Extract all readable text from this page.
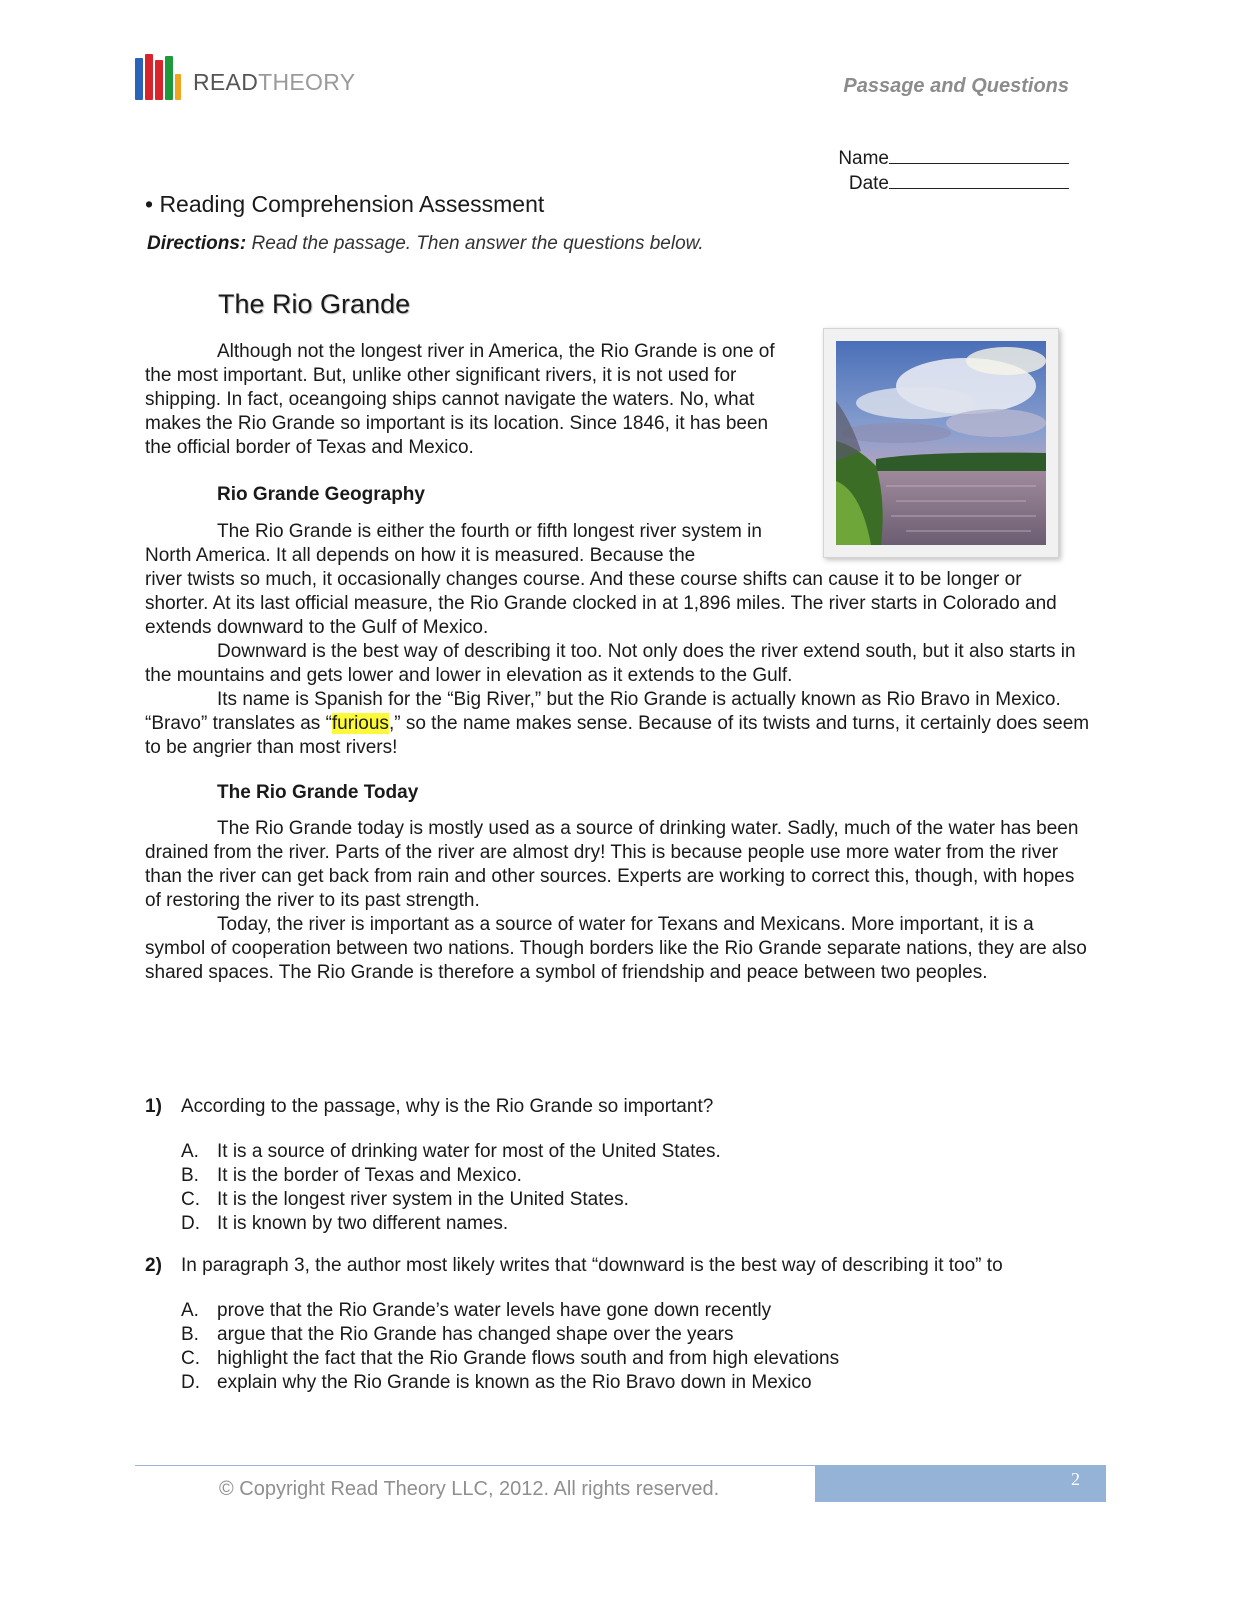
READTHEORY	Passage and Questions
Name
Date
• Reading Comprehension Assessment
Directions: Read the passage. Then answer the questions below.
The Rio Grande

Although not the longest river in America, the Rio Grande is one of the most important. But, unlike other significant rivers, it is not used for shipping. In fact, oceangoing ships cannot navigate the waters. No, what makes the Rio Grande so important is its location. Since 1846, it has been the official border of Texas and Mexico.

Rio Grande Geography

The Rio Grande is either the fourth or fifth longest river system in North America. It all depends on how it is measured. Because the

river twists so much, it occasionally changes course. And these course shifts can cause it to be longer or shorter. At its last official measure, the Rio Grande clocked in at 1,896 miles. The river starts in Colorado and extends downward to the Gulf of Mexico.

Downward is the best way of describing it too. Not only does the river extend south, but it also starts in the mountains and gets lower and lower in elevation as it extends to the Gulf.

Its name is Spanish for the “Big River,” but the Rio Grande is actually known as Rio Bravo in Mexico. “Bravo” translates as “furious,” so the name makes sense. Because of its twists and turns, it certainly does seem to be angrier than most rivers!

The Rio Grande Today

The Rio Grande today is mostly used as a source of drinking water. Sadly, much of the water has been drained from the river. Parts of the river are almost dry! This is because people use more water from the river than the river can get back from rain and other sources. Experts are working to correct this, though, with hopes of restoring the river to its past strength.

Today, the river is important as a source of water for Texans and Mexicans. More important, it is a symbol of cooperation between two nations. Though borders like the Rio Grande separate nations, they are also shared spaces. The Rio Grande is therefore a symbol of friendship and peace between two peoples.

1) According to the passage, why is the Rio Grande so important?
A. It is a source of drinking water for most of the United States.
B. It is the border of Texas and Mexico.
C. It is the longest river system in the United States.
D. It is known by two different names.
2) In paragraph 3, the author most likely writes that “downward is the best way of describing it too” to
A. prove that the Rio Grande’s water levels have gone down recently
B. argue that the Rio Grande has changed shape over the years
C. highlight the fact that the Rio Grande flows south and from high elevations
D. explain why the Rio Grande is known as the Rio Bravo down in Mexico
© Copyright Read Theory LLC, 2012. All rights reserved.	2
